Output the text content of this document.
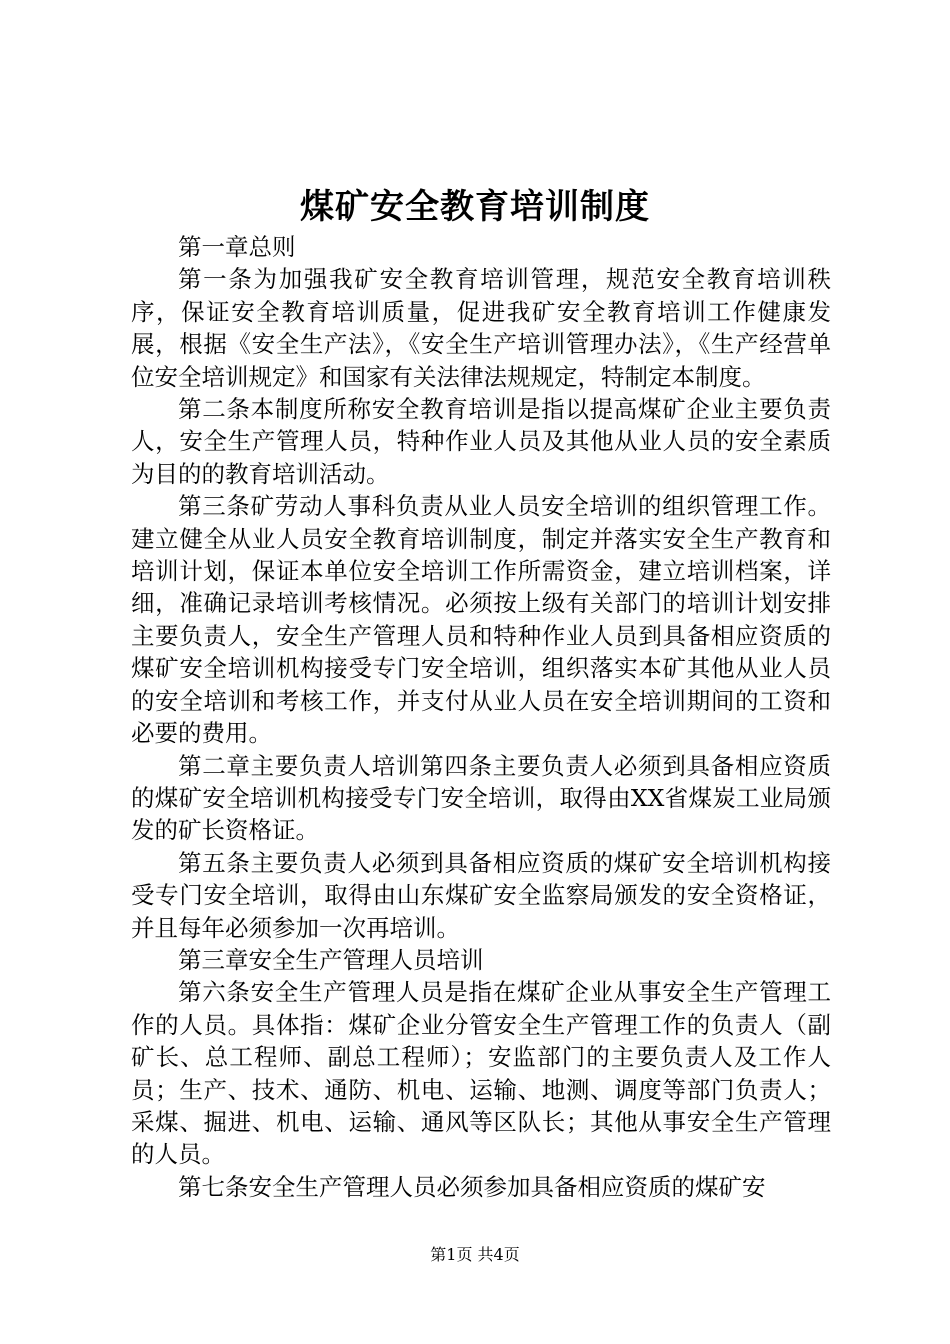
煤矿安全教育培训制度

第一章总则

第一条为加强我矿安全教育培训管理，规范安全教育培训秩序，保证安全教育培训质量，促进我矿安全教育培训工作健康发展，根据《安全生产法》，《安全生产培训管理办法》，《生产经营单位安全培训规定》和国家有关法律法规规定，特制定本制度。

第二条本制度所称安全教育培训是指以提高煤矿企业主要负责人，安全生产管理人员，特种作业人员及其他从业人员的安全素质为目的的教育培训活动。

第三条矿劳动人事科负责从业人员安全培训的组织管理工作。建立健全从业人员安全教育培训制度，制定并落实安全生产教育和培训计划，保证本单位安全培训工作所需资金，建立培训档案，详细，准确记录培训考核情况。必须按上级有关部门的培训计划安排主要负责人，安全生产管理人员和特种作业人员到具备相应资质的煤矿安全培训机构接受专门安全培训，组织落实本矿其他从业人员的安全培训和考核工作，并支付从业人员在安全培训期间的工资和必要的费用。

第二章主要负责人培训第四条主要负责人必须到具备相应资质的煤矿安全培训机构接受专门安全培训，取得由XX省煤炭工业局颁发的矿长资格证。

第五条主要负责人必须到具备相应资质的煤矿安全培训机构接受专门安全培训，取得由山东煤矿安全监察局颁发的安全资格证，并且每年必须参加一次再培训。

第三章安全生产管理人员培训

第六条安全生产管理人员是指在煤矿企业从事安全生产管理工作的人员。具体指：煤矿企业分管安全生产管理工作的负责人（副矿长、总工程师、副总工程师）；安监部门的主要负责人及工作人员；生产、技术、通防、机电、运输、地测、调度等部门负责人；采煤、掘进、机电、运输、通风等区队长；其他从事安全生产管理的人员。

第七条安全生产管理人员必须参加具备相应资质的煤矿安

第1页 共4页
